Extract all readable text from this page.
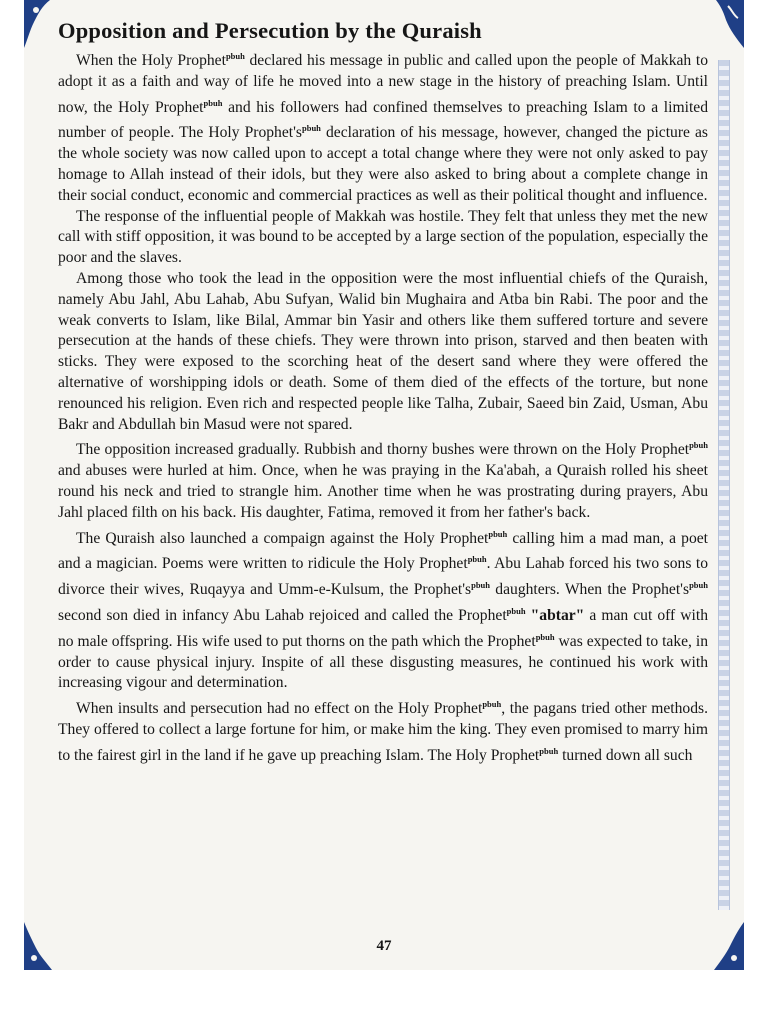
Opposition and Persecution by the Quraish

When the Holy Prophet$^{pbuh}$ declared his message in public and called upon the people of Makkah to adopt it as a faith and way of life he moved into a new stage in the history of preaching Islam. Until now, the Holy Prophet$^{pbuh}$ and his followers had confined themselves to preaching Islam to a limited number of people. The Holy $Prophet's^{pbuh}$ declaration of his message, however, changed the picture as the whole society was now called upon to accept a total change where they were not only asked to pay homage to Allah instead of their idols, but they were also asked to bring about a complete change in their social conduct, economic and commercial practices as well as their political thought and influence.

The response of the influential people of Makkah was hostile. They felt that unless they met the new call with stiff opposition, it was bound to be accepted by a large section of the population, especially the poor and the slaves.

Among those who took the lead in the opposition were the most influential chiefs of the Quraish, namely Abu Jahl, Abu Lahab, Abu Sufyan, Walid bin Mughaira and Atba bin Rabi. The poor and the weak converts to Islam, like Bilal, Ammar bin Yasir and others like them suffered torture and severe persecution at the hands of these chiefs. They were thrown into prison, starved and then beaten with sticks. They were exposed to the scorching heat of the desert sand where they were offered the alternative of worshipping idols or death. Some of them died of the effects of the torture, but none renounced his religion. Even rich and respected people like Talha, Zubair, Saeed bin Zaid, Usman, Abu Bakr and Abdullah bin Masud were not spared.

The opposition increased gradually. Rubbish and thorny bushes were thrown on the Holy Prophet$^{pbuh}$ and abuses were hurled at him. Once, when he was praying in the Ka'abah, a Quraish rolled his sheet round his neck and tried to strangle him. Another time when he was prostrating during prayers, Abu Jahl placed filth on his back. His daughter, Fatima, removed it from her father's back.

The Quraish also launched a compaign against the Holy Prophet$^{pbuh}$ calling him a mad man, a poet and a magician. Poems were written to ridicule the Holy Prophet$^{pbuh}$. Abu Lahab forced his two sons to divorce their wives, Ruqayya and Umm-e-Kulsum, the $Prophet's^{pbuh}$ daughters. When the $Prophet's^{pbuh}$ second son died in infancy Abu Lahab rejoiced and called the Prophet$^{pbuh}$ "abtar" a man cut off with no male offspring. His wife used to put thorns on the path which the Prophet$^{pbuh}$ was expected to take, in order to cause physical injury. Inspite of all these disgusting measures, he continued his work with increasing vigour and determination.

When insults and persecution had no effect on the Holy Prophet$^{pbuh}$, the pagans tried other methods. They offered to collect a large fortune for him, or make him the king. They even promised to marry him to the fairest girl in the land if he gave up preaching Islam. The Holy Prophet$^{pbuh}$ turned down all such

47
